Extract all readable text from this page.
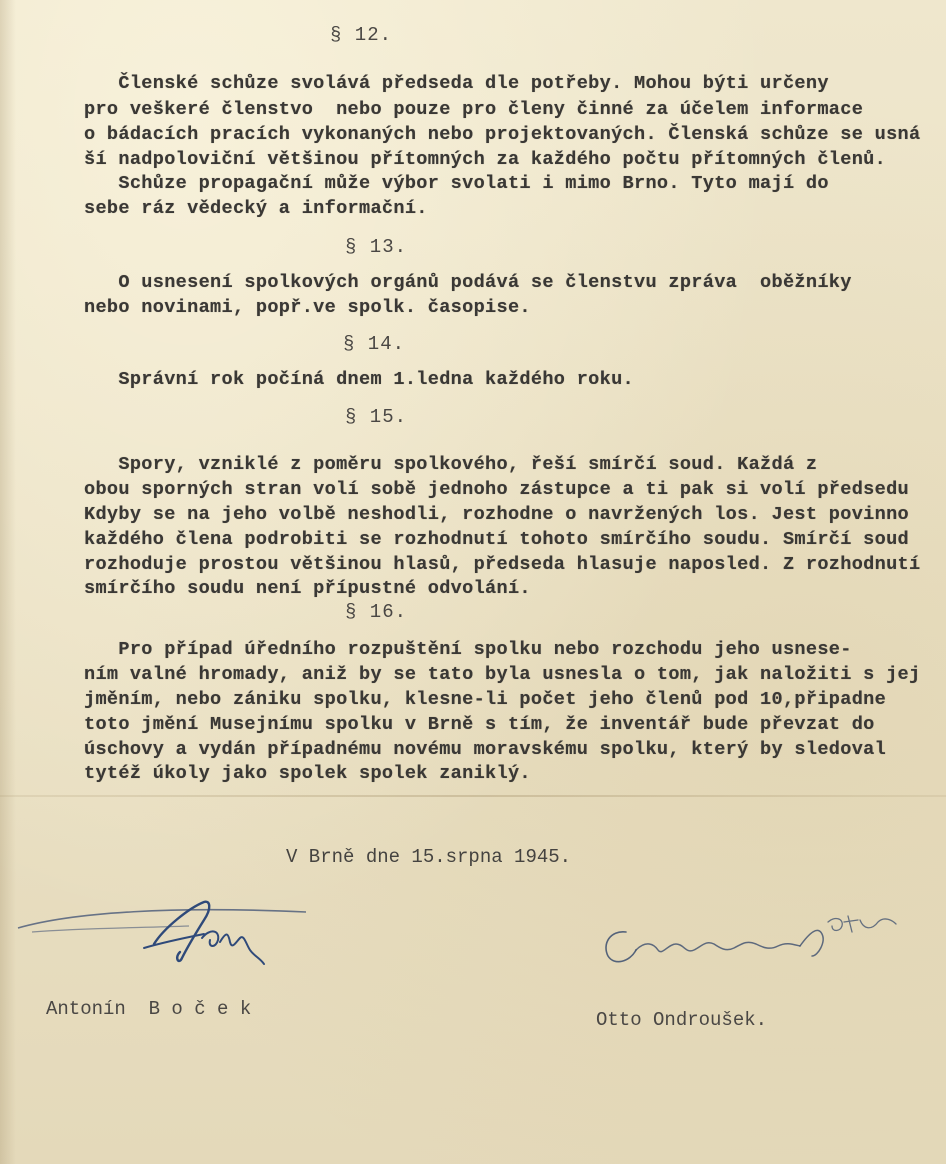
§ 12.
Členské schůze svolává předseda dle potřeby. Mohou býti určeny
pro veškeré členstvo  nebo pouze pro členy činné za účelem informace
o bádacích pracích vykonaných nebo projektovaných. Členská schůze se usná
ší nadpoloviční většinou přítomných za každého počtu přítomných členů.
Schůze propagační může výbor svolati i mimo Brno. Tyto mají do
sebe ráz vědecký a informační.
§ 13.
O usnesení spolkových orgánů podává se členstvu zpráva  oběžníky
nebo novinami, popř.ve spolk. časopise.
§ 14.
Správní rok počíná dnem 1.ledna každého roku.
§ 15.
Spory, vzniklé z poměru spolkového, řeší smírčí soud. Každá z
obou sporných stran volí sobě jednoho zástupce a ti pak si volí předsedu
Kdyby se na jeho volbě neshodli, rozhodne o navržených los. Jest povinno
každého člena podrobiti se rozhodnutí tohoto smírčího soudu. Smírčí soud
rozhoduje prostou většinou hlasů, předseda hlasuje naposled. Z rozhodnutí
smírčího soudu není přípustné odvolání.
§ 16.
Pro případ úředního rozpuštění spolku nebo rozchodu jeho usnese-
ním valné hromady, aniž by se tato byla usnesla o tom, jak naložiti s jej
jměním, nebo zániku spolku, klesne-li počet jeho členů pod 10,připadne
toto jmění Musejnímu spolku v Brně s tím, že inventář bude převzat do
úschovy a vydán případnému novému moravskému spolku, který by sledoval
tytéž úkoly jako spolek spolek zaniklý.
V Brně dne 15.srpna 1945.
Antonín  B o č e k	Otto Ondroušek.
